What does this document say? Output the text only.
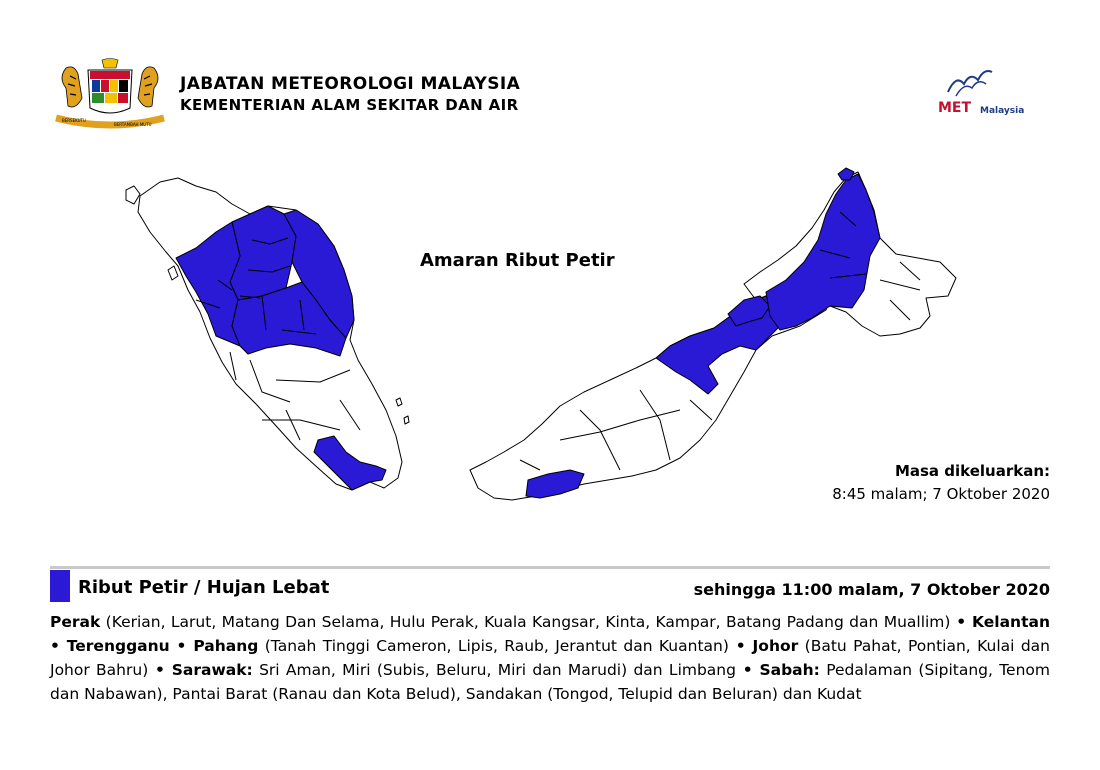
BERSEKUTU
BERTAMBAH MUTU
JABATAN METEOROLOGI MALAYSIA
KEMENTERIAN ALAM SEKITAR DAN AIR	MET Malaysia
Amaran Ribut Petir
Masa dikeluarkan:
8:45 malam; 7 Oktober 2020
Ribut Petir / Hujan Lebat	sehingga 11:00 malam, 7 Oktober 2020
Perak (Kerian, Larut, Matang Dan Selama, Hulu Perak, Kuala Kangsar, Kinta, Kampar, Batang Padang dan Muallim) • Kelantan • Terengganu • Pahang (Tanah Tinggi Cameron, Lipis, Raub, Jerantut dan Kuantan) • Johor (Batu Pahat, Pontian, Kulai dan Johor Bahru) • Sarawak: Sri Aman, Miri (Subis, Beluru, Miri dan Marudi) dan Limbang • Sabah: Pedalaman (Sipitang, Tenom dan Nabawan), Pantai Barat (Ranau dan Kota Belud), Sandakan (Tongod, Telupid dan Beluran) dan Kudat
